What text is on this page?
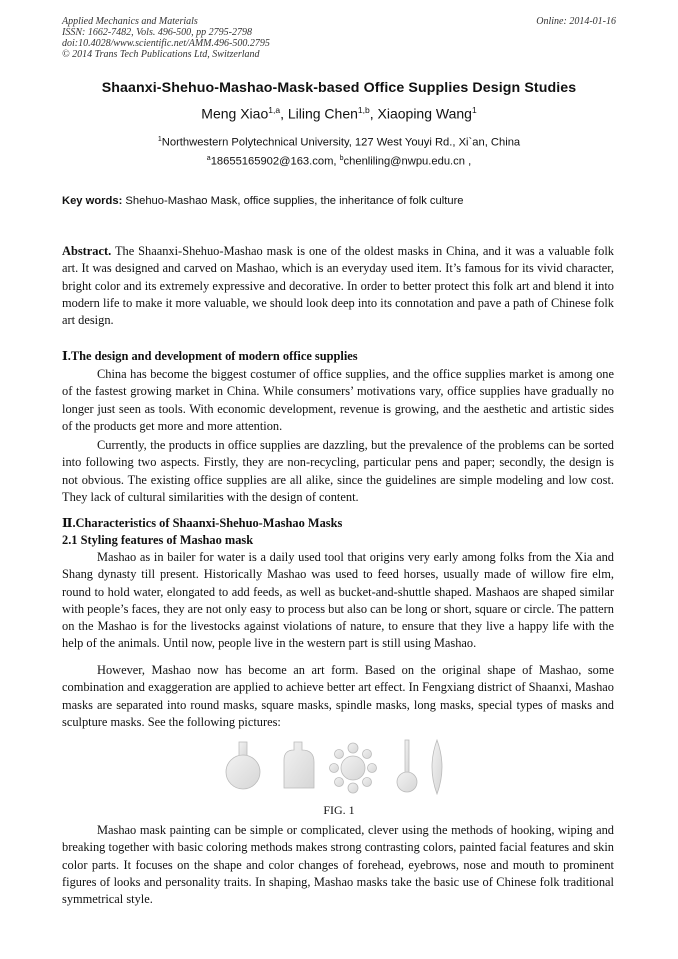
Applied Mechanics and Materials
ISSN: 1662-7482, Vols. 496-500, pp 2795-2798
doi:10.4028/www.scientific.net/AMM.496-500.2795
© 2014 Trans Tech Publications Ltd, Switzerland
Online: 2014-01-16
Shaanxi-Shehuo-Mashao-Mask-based Office Supplies Design Studies
Meng Xiao$^{1,a}$, Liling Chen$^{1,b}$, Xiaoping Wang$^1$
$^1$Northwestern Polytechnical University, 127 West Youyi Rd., Xi`an, China
$^a$18655165902@163.com, $^b$chenliling@nwpu.edu.cn ,
Key words: Shehuo-Mashao Mask, office supplies, the inheritance of folk culture
Abstract. The Shaanxi-Shehuo-Mashao mask is one of the oldest masks in China, and it was a valuable folk art. It was designed and carved on Mashao, which is an everyday used item. It’s famous for its vivid character, bright color and its extremely expressive and decorative. In order to better protect this folk art and blend it into modern life to make it more valuable, we should look deep into its connotation and pave a path of Chinese folk art design.
Ⅰ.The design and development of modern office supplies
China has become the biggest costumer of office supplies, and the office supplies market is among one of the fastest growing market in China. While consumers’ motivations vary, office supplies have gradually no longer just seen as tools. With economic development, revenue is growing, and the aesthetic and artistic sides of the products get more and more attention.
Currently, the products in office supplies are dazzling, but the prevalence of the problems can be sorted into following two aspects. Firstly, they are non-recycling, particular pens and paper; secondly, the design is not obvious. The existing office supplies are all alike, since the guidelines are simple modeling and low cost. They lack of cultural similarities with the design of content.
Ⅱ.Characteristics of Shaanxi-Shehuo-Mashao Masks
2.1 Styling features of Mashao mask
Mashao as in bailer for water is a daily used tool that origins very early among folks from the Xia and Shang dynasty till present. Historically Mashao was used to feed horses, usually made of willow fire elm, round to hold water, elongated to add feeds, as well as bucket-and-shuttle shaped. Mashaos are shaped similar with people’s faces, they are not only easy to process but also can be long or short, square or circle. The pattern on the Mashao is for the livestocks against violations of nature, to ensure that they live a happy life with the help of the animals. Until now, people live in the western part is still using Mashao.
However, Mashao now has become an art form. Based on the original shape of Mashao, some combination and exaggeration are applied to achieve better art effect. In Fengxiang district of Shaanxi, Mashao masks are separated into round masks, square masks, spindle masks, long masks, special types of masks and sculpture masks. See the following pictures:
FIG. 1
Mashao mask painting can be simple or complicated, clever using the methods of hooking, wiping and breaking together with basic coloring methods makes strong contrasting colors, painted facial features and skin color parts. It focuses on the shape and color changes of forehead, eyebrows, nose and mouth to prominent figures of looks and personality traits. In shaping, Mashao masks take the basic use of Chinese folk traditional symmetrical style.
